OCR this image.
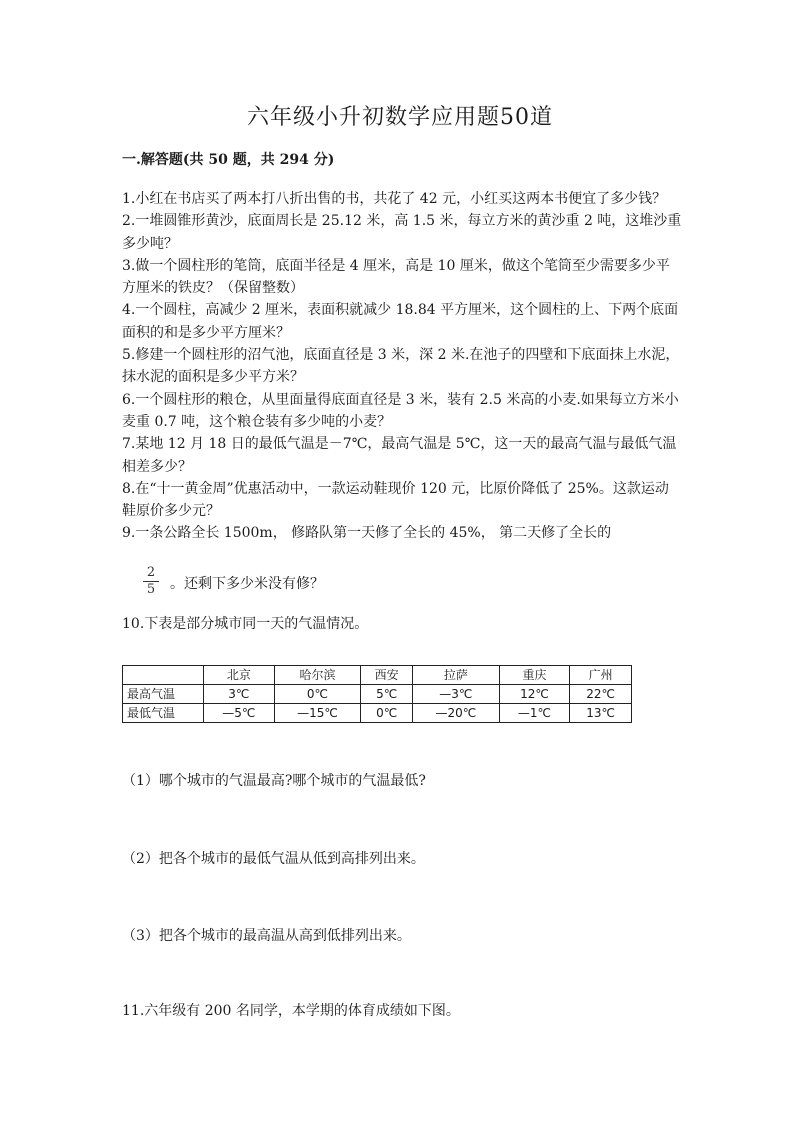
六年级小升初数学应用题50道
一.解答题(共 50 题，共 294 分)

1.小红在书店买了两本打八折出售的书，共花了 42 元，小红买这两本书便宜了多少钱？

2.一堆圆锥形黄沙，底面周长是 25.12 米，高 1.5 米，每立方米的黄沙重 2 吨，这堆沙重多少吨？

3.做一个圆柱形的笔筒，底面半径是 4 厘米，高是 10 厘米，做这个笔筒至少需要多少平方厘米的铁皮？（保留整数）

4.一个圆柱，高减少 2 厘米，表面积就减少 18.84 平方厘米，这个圆柱的上、下两个底面面积的和是多少平方厘米？

5.修建一个圆柱形的沼气池，底面直径是 3 米，深 2 米.在池子的四壁和下底面抹上水泥，抹水泥的面积是多少平方米？

6.一个圆柱形的粮仓，从里面量得底面直径是 3 米，装有 2.5 米高的小麦.如果每立方米小麦重 0.7 吨，这个粮仓装有多少吨的小麦？

7.某地 12 月 18 日的最低气温是－7℃，最高气温是 5℃，这一天的最高气温与最低气温相差多少？

8.在“十一黄金周”优惠活动中，一款运动鞋现价 120 元，比原价降低了 25%。这款运动鞋原价多少元？

9.一条公路全长 1500m， 修路队第一天修了全长的 45%， 第二天修了全长的

2
5 。还剩下多少米没有修？
10.下表是部分城市同一天的气温情况。
	北京	哈尔滨	西安	拉萨	重庆	广州
最高气温	3℃	0℃	5℃	—3℃	12℃	22℃
最低气温	—5℃	—15℃	0℃	—20℃	—1℃	13℃
（1）哪个城市的气温最高?哪个城市的气温最低?
（2）把各个城市的最低气温从低到高排列出来。
（3）把各个城市的最高温从高到低排列出来。
11.六年级有 200 名同学，本学期的体育成绩如下图。
